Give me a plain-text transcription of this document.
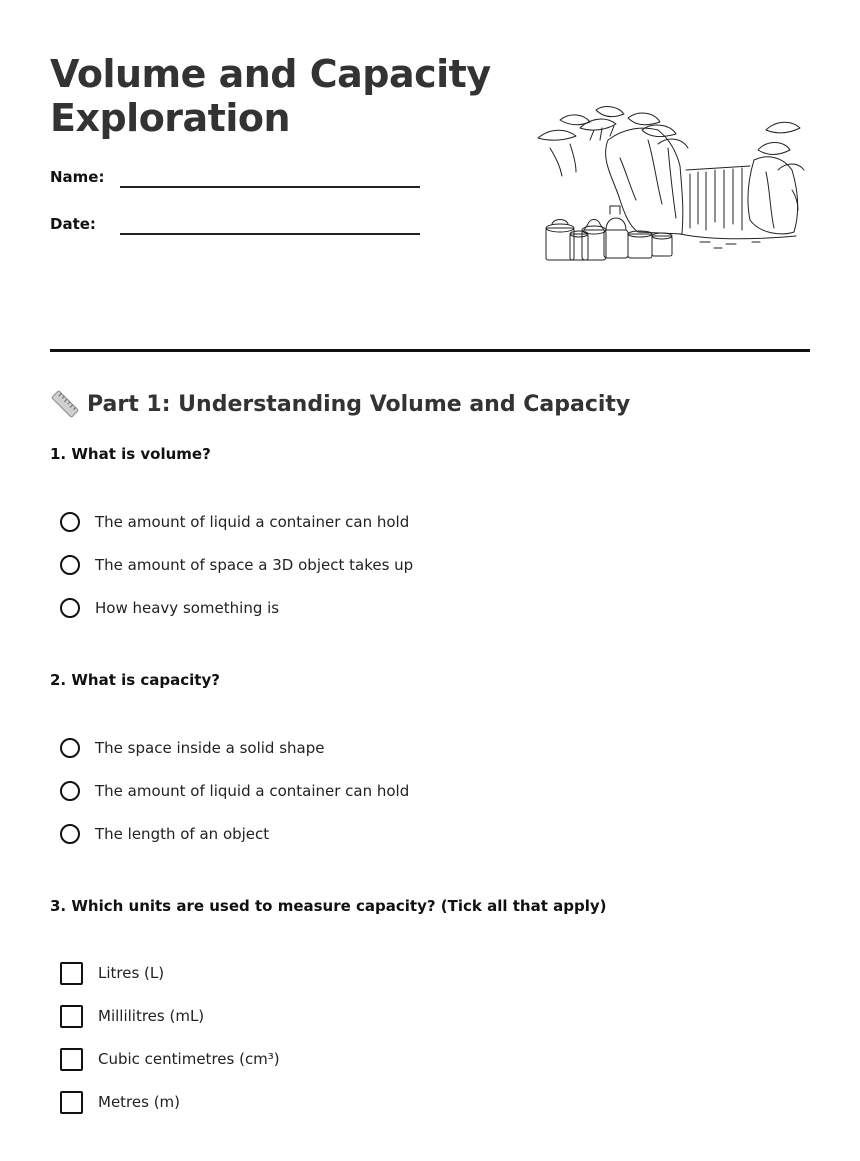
Volume and Capacity
Exploration
Name:
Date:
Part 1: Understanding Volume and Capacity
1. What is volume?
The amount of liquid a container can hold
The amount of space a 3D object takes up
How heavy something is
2. What is capacity?
The space inside a solid shape
The amount of liquid a container can hold
The length of an object
3. Which units are used to measure capacity? (Tick all that apply)
Litres (L)
Millilitres (mL)
Cubic centimetres (cm³)
Metres (m)
